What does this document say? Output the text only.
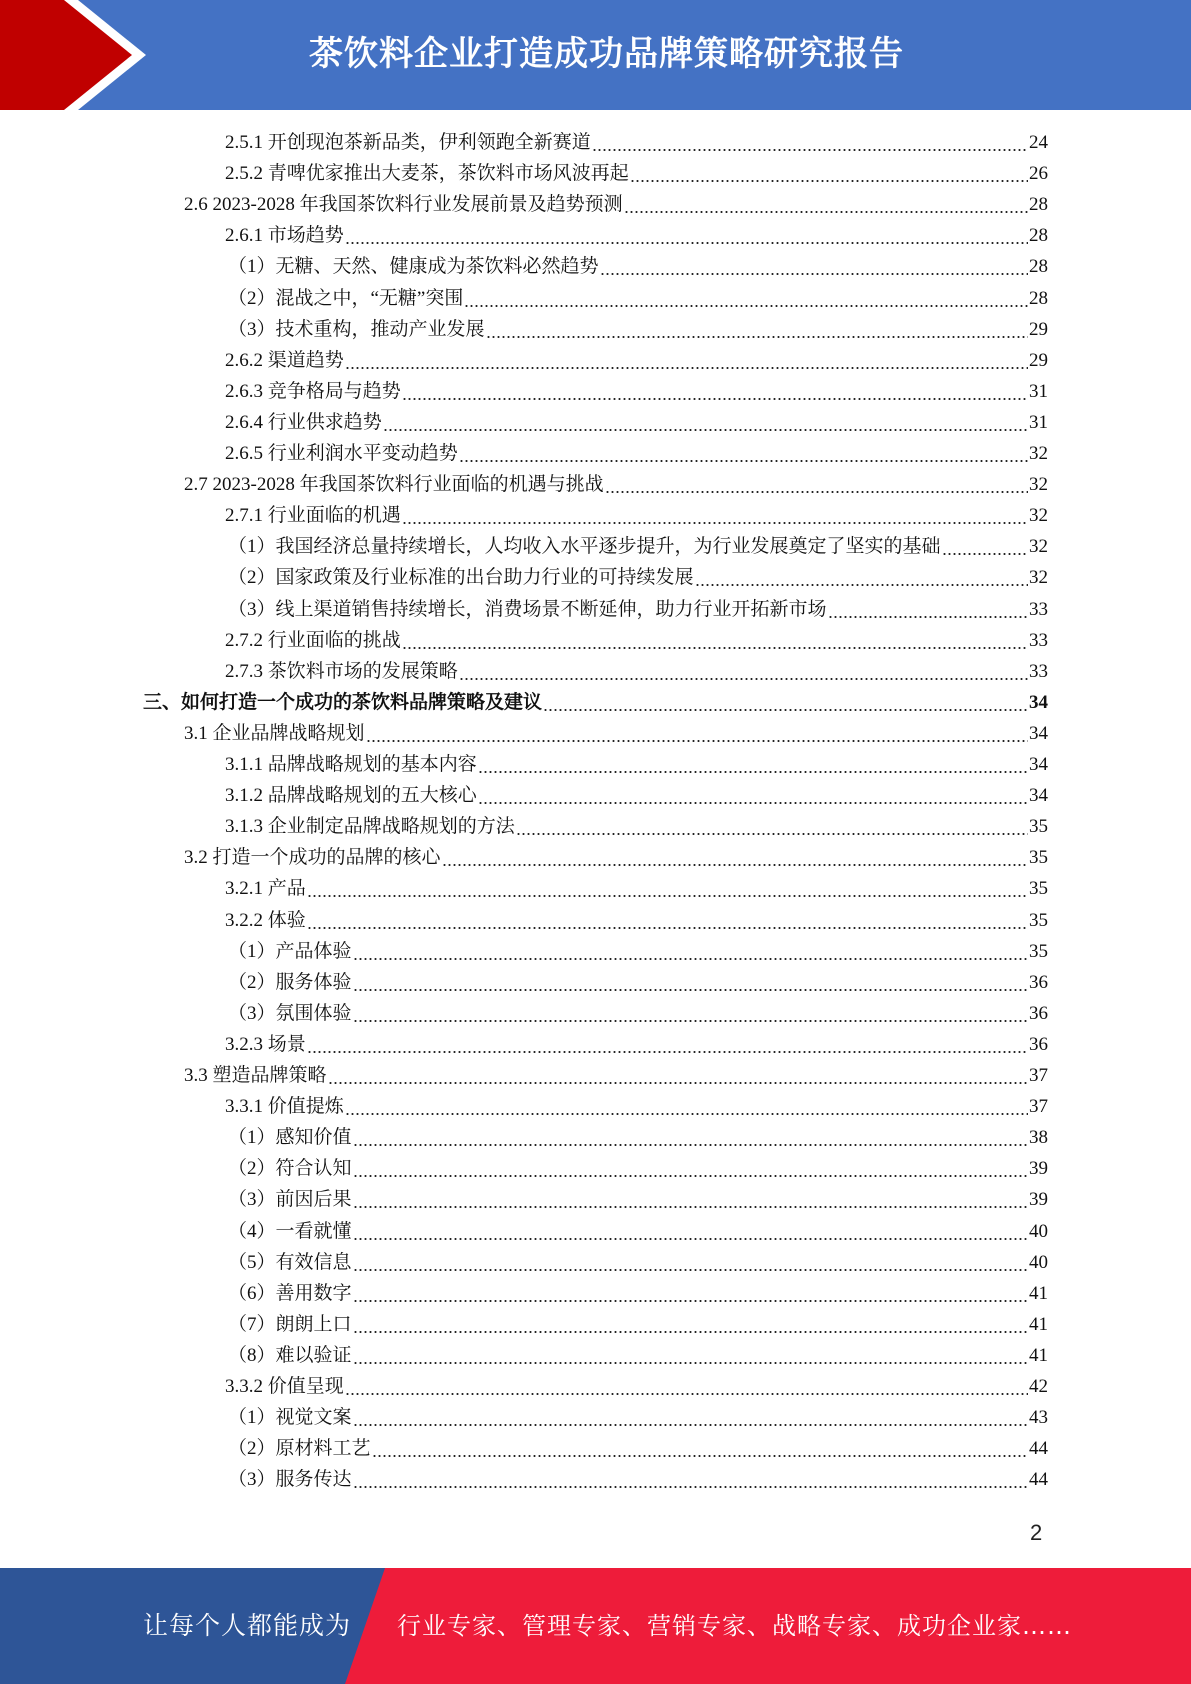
茶饮料企业打造成功品牌策略研究报告
2.5.1 开创现泡茶新品类，伊利领跑全新赛道	24
2.5.2 青啤优家推出大麦茶，茶饮料市场风波再起	26
2.6 2023-2028 年我国茶饮料行业发展前景及趋势预测	28
2.6.1 市场趋势	28
（1）无糖、天然、健康成为茶饮料必然趋势	28
（2）混战之中，“无糖”突围	28
（3）技术重构，推动产业发展	29
2.6.2 渠道趋势	29
2.6.3 竞争格局与趋势	31
2.6.4 行业供求趋势	31
2.6.5 行业利润水平变动趋势	32
2.7 2023-2028 年我国茶饮料行业面临的机遇与挑战	32
2.7.1 行业面临的机遇	32
（1）我国经济总量持续增长，人均收入水平逐步提升，为行业发展奠定了坚实的基础	32
（2）国家政策及行业标准的出台助力行业的可持续发展	32
（3）线上渠道销售持续增长，消费场景不断延伸，助力行业开拓新市场	33
2.7.2 行业面临的挑战	33
2.7.3 茶饮料市场的发展策略	33
三、如何打造一个成功的茶饮料品牌策略及建议	34
3.1 企业品牌战略规划	34
3.1.1 品牌战略规划的基本内容	34
3.1.2 品牌战略规划的五大核心	34
3.1.3 企业制定品牌战略规划的方法	35
3.2 打造一个成功的品牌的核心	35
3.2.1 产品	35
3.2.2 体验	35
（1）产品体验	35
（2）服务体验	36
（3）氛围体验	36
3.2.3 场景	36
3.3 塑造品牌策略	37
3.3.1 价值提炼	37
（1）感知价值	38
（2）符合认知	39
（3）前因后果	39
（4）一看就懂	40
（5）有效信息	40
（6）善用数字	41
（7）朗朗上口	41
（8）难以验证	41
3.3.2 价值呈现	42
（1）视觉文案	43
（2）原材料工艺	44
（3）服务传达	44
2
让每个人都能成为 行业专家、管理专家、营销专家、战略专家、成功企业家……
